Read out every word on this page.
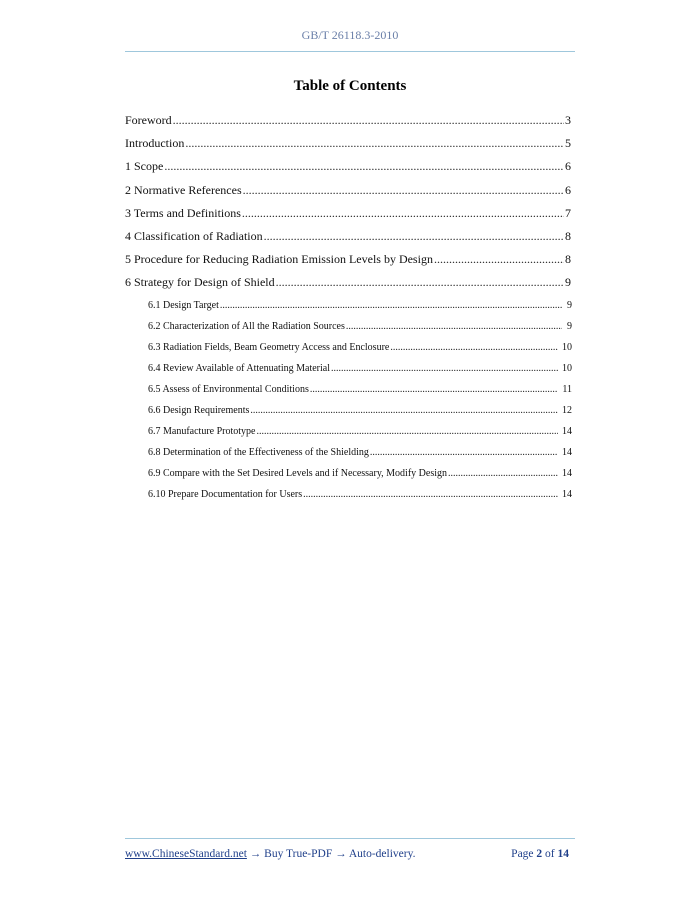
GB/T 26118.3-2010
Table of Contents
Foreword .....	3
Introduction .....	5
1 Scope .....	6
2 Normative References .....	6
3 Terms and Definitions .....	7
4 Classification of Radiation .....	8
5 Procedure for Reducing Radiation Emission Levels by Design .....	8
6 Strategy for Design of Shield .....	9
6.1 Design Target .....	9
6.2 Characterization of All the Radiation Sources .....	9
6.3 Radiation Fields, Beam Geometry Access and Enclosure .....	10
6.4 Review Available of Attenuating Material .....	10
6.5 Assess of Environmental Conditions .....	11
6.6 Design Requirements .....	12
6.7 Manufacture Prototype .....	14
6.8 Determination of the Effectiveness of the Shielding .....	14
6.9 Compare with the Set Desired Levels and if Necessary, Modify Design .....	14
6.10 Prepare Documentation for Users .....	14
www.ChineseStandard.net → Buy True-PDF → Auto-delivery.	Page 2 of 14
